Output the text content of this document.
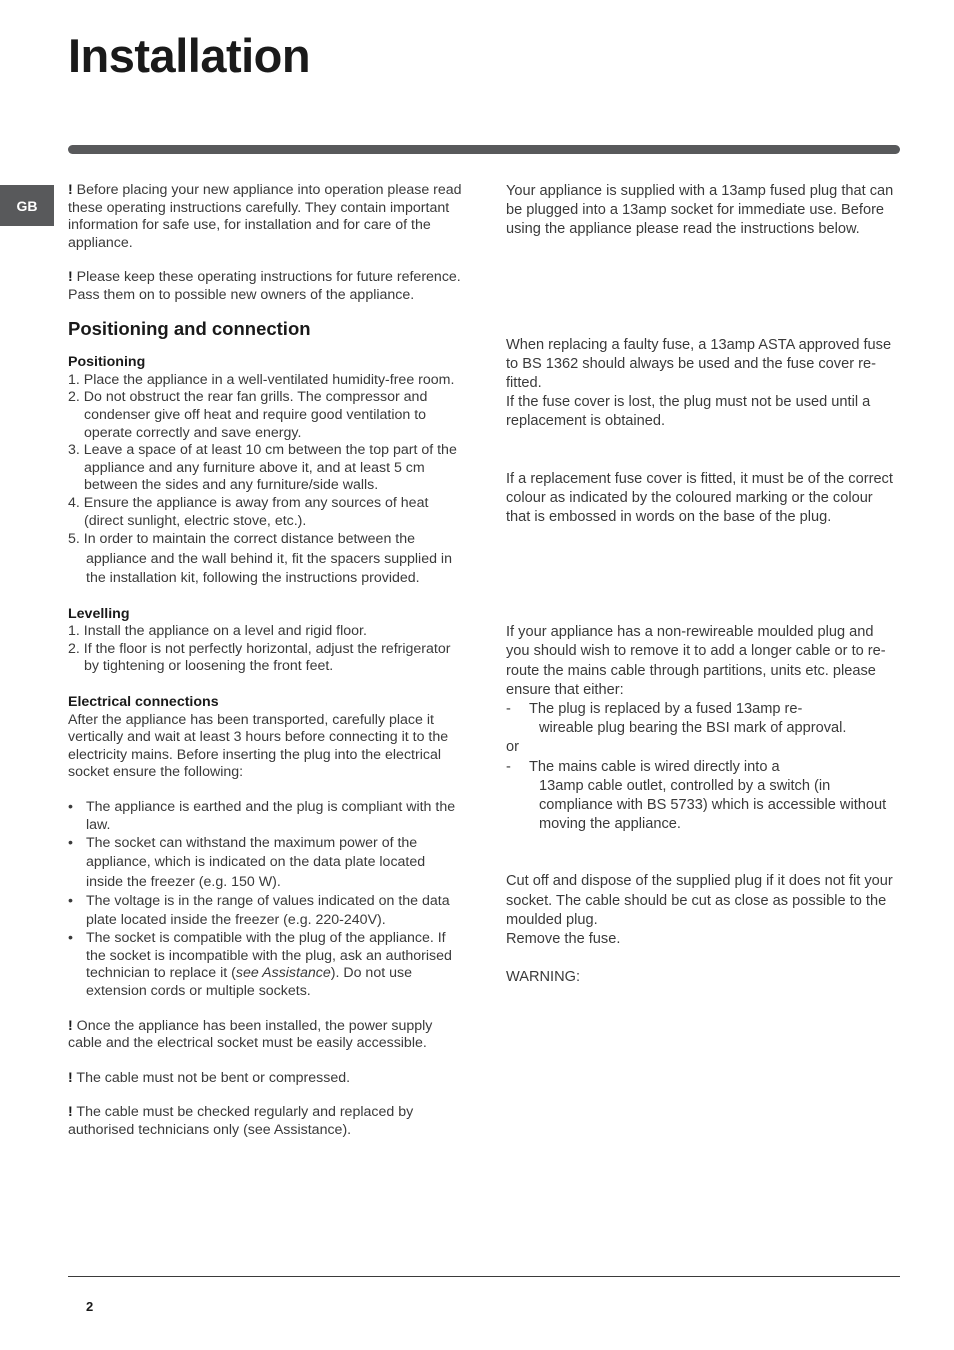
Installation
GB

! Before placing your new appliance into operation please read these operating instructions carefully. They contain important information for safe use, for installation and for care of the appliance.

! Please keep these operating instructions for future reference. Pass them on to possible new owners of the appliance.

Positioning and connection
Positioning
1. Place the appliance in a well-ventilated humidity-free room.
2. Do not obstruct the rear fan grills. The compressor and condenser give off heat and require good ventilation to operate correctly and save energy.
3. Leave a space of at least 10 cm between the top part of the appliance and any furniture above it, and at least 5 cm between the sides and any furniture/side walls.
4. Ensure the appliance is away from any sources of heat (direct sunlight, electric stove, etc.).
5. In order to maintain the correct distance between the appliance and the wall behind it, fit the spacers supplied in the installation kit, following the instructions provided.
Levelling
1. Install the appliance on a level and rigid floor.
2. If the floor is not perfectly horizontal, adjust the refrigerator by tightening or loosening the front feet.
Electrical connections

After the appliance has been transported, carefully place it vertically and wait at least 3 hours before connecting it to the electricity mains. Before inserting the plug into the electrical socket ensure the following:

• The appliance is earthed and the plug is compliant with the law.
• The socket can withstand the maximum power of the appliance, which is indicated on the data plate located inside the freezer (e.g. 150 W).
• The voltage is in the range of values indicated on the data plate located inside the freezer (e.g. 220-240V).
• The socket is compatible with the plug of the appliance. If the socket is incompatible with the plug, ask an authorised technician to replace it (see Assistance). Do not use extension cords or multiple sockets.

! Once the appliance has been installed, the power supply cable and the electrical socket must be easily accessible.

! The cable must not be bent or compressed.

! The cable must be checked regularly and replaced by authorised technicians only (see Assistance).

Your appliance is supplied with a 13amp fused plug that can be plugged into a 13amp socket for immediate use. Before using the appliance please read the instructions below.

When replacing a faulty fuse, a 13amp ASTA approved fuse to BS 1362 should always be used and the fuse cover re-fitted.

If the fuse cover is lost, the plug must not be used until a replacement is obtained.

If a replacement fuse cover is fitted, it must be of the correct colour as indicated by the coloured marking or the colour that is embossed in words on the base of the plug.

If your appliance has a non-rewireable moulded plug and you should wish to remove it to add a longer cable or to re-route the mains cable through partitions, units etc. please ensure that either:

- The plug is replaced by a fused 13amp re-
wireable plug bearing the BSI mark of approval.

or

- The mains cable is wired directly into a
13amp cable outlet, controlled by a switch (in compliance with BS 5733) which is accessible without moving the appliance.

Cut off and dispose of the supplied plug if it does not fit your socket. The cable should be cut as close as possible to the moulded plug.

Remove the fuse.

WARNING:

2
